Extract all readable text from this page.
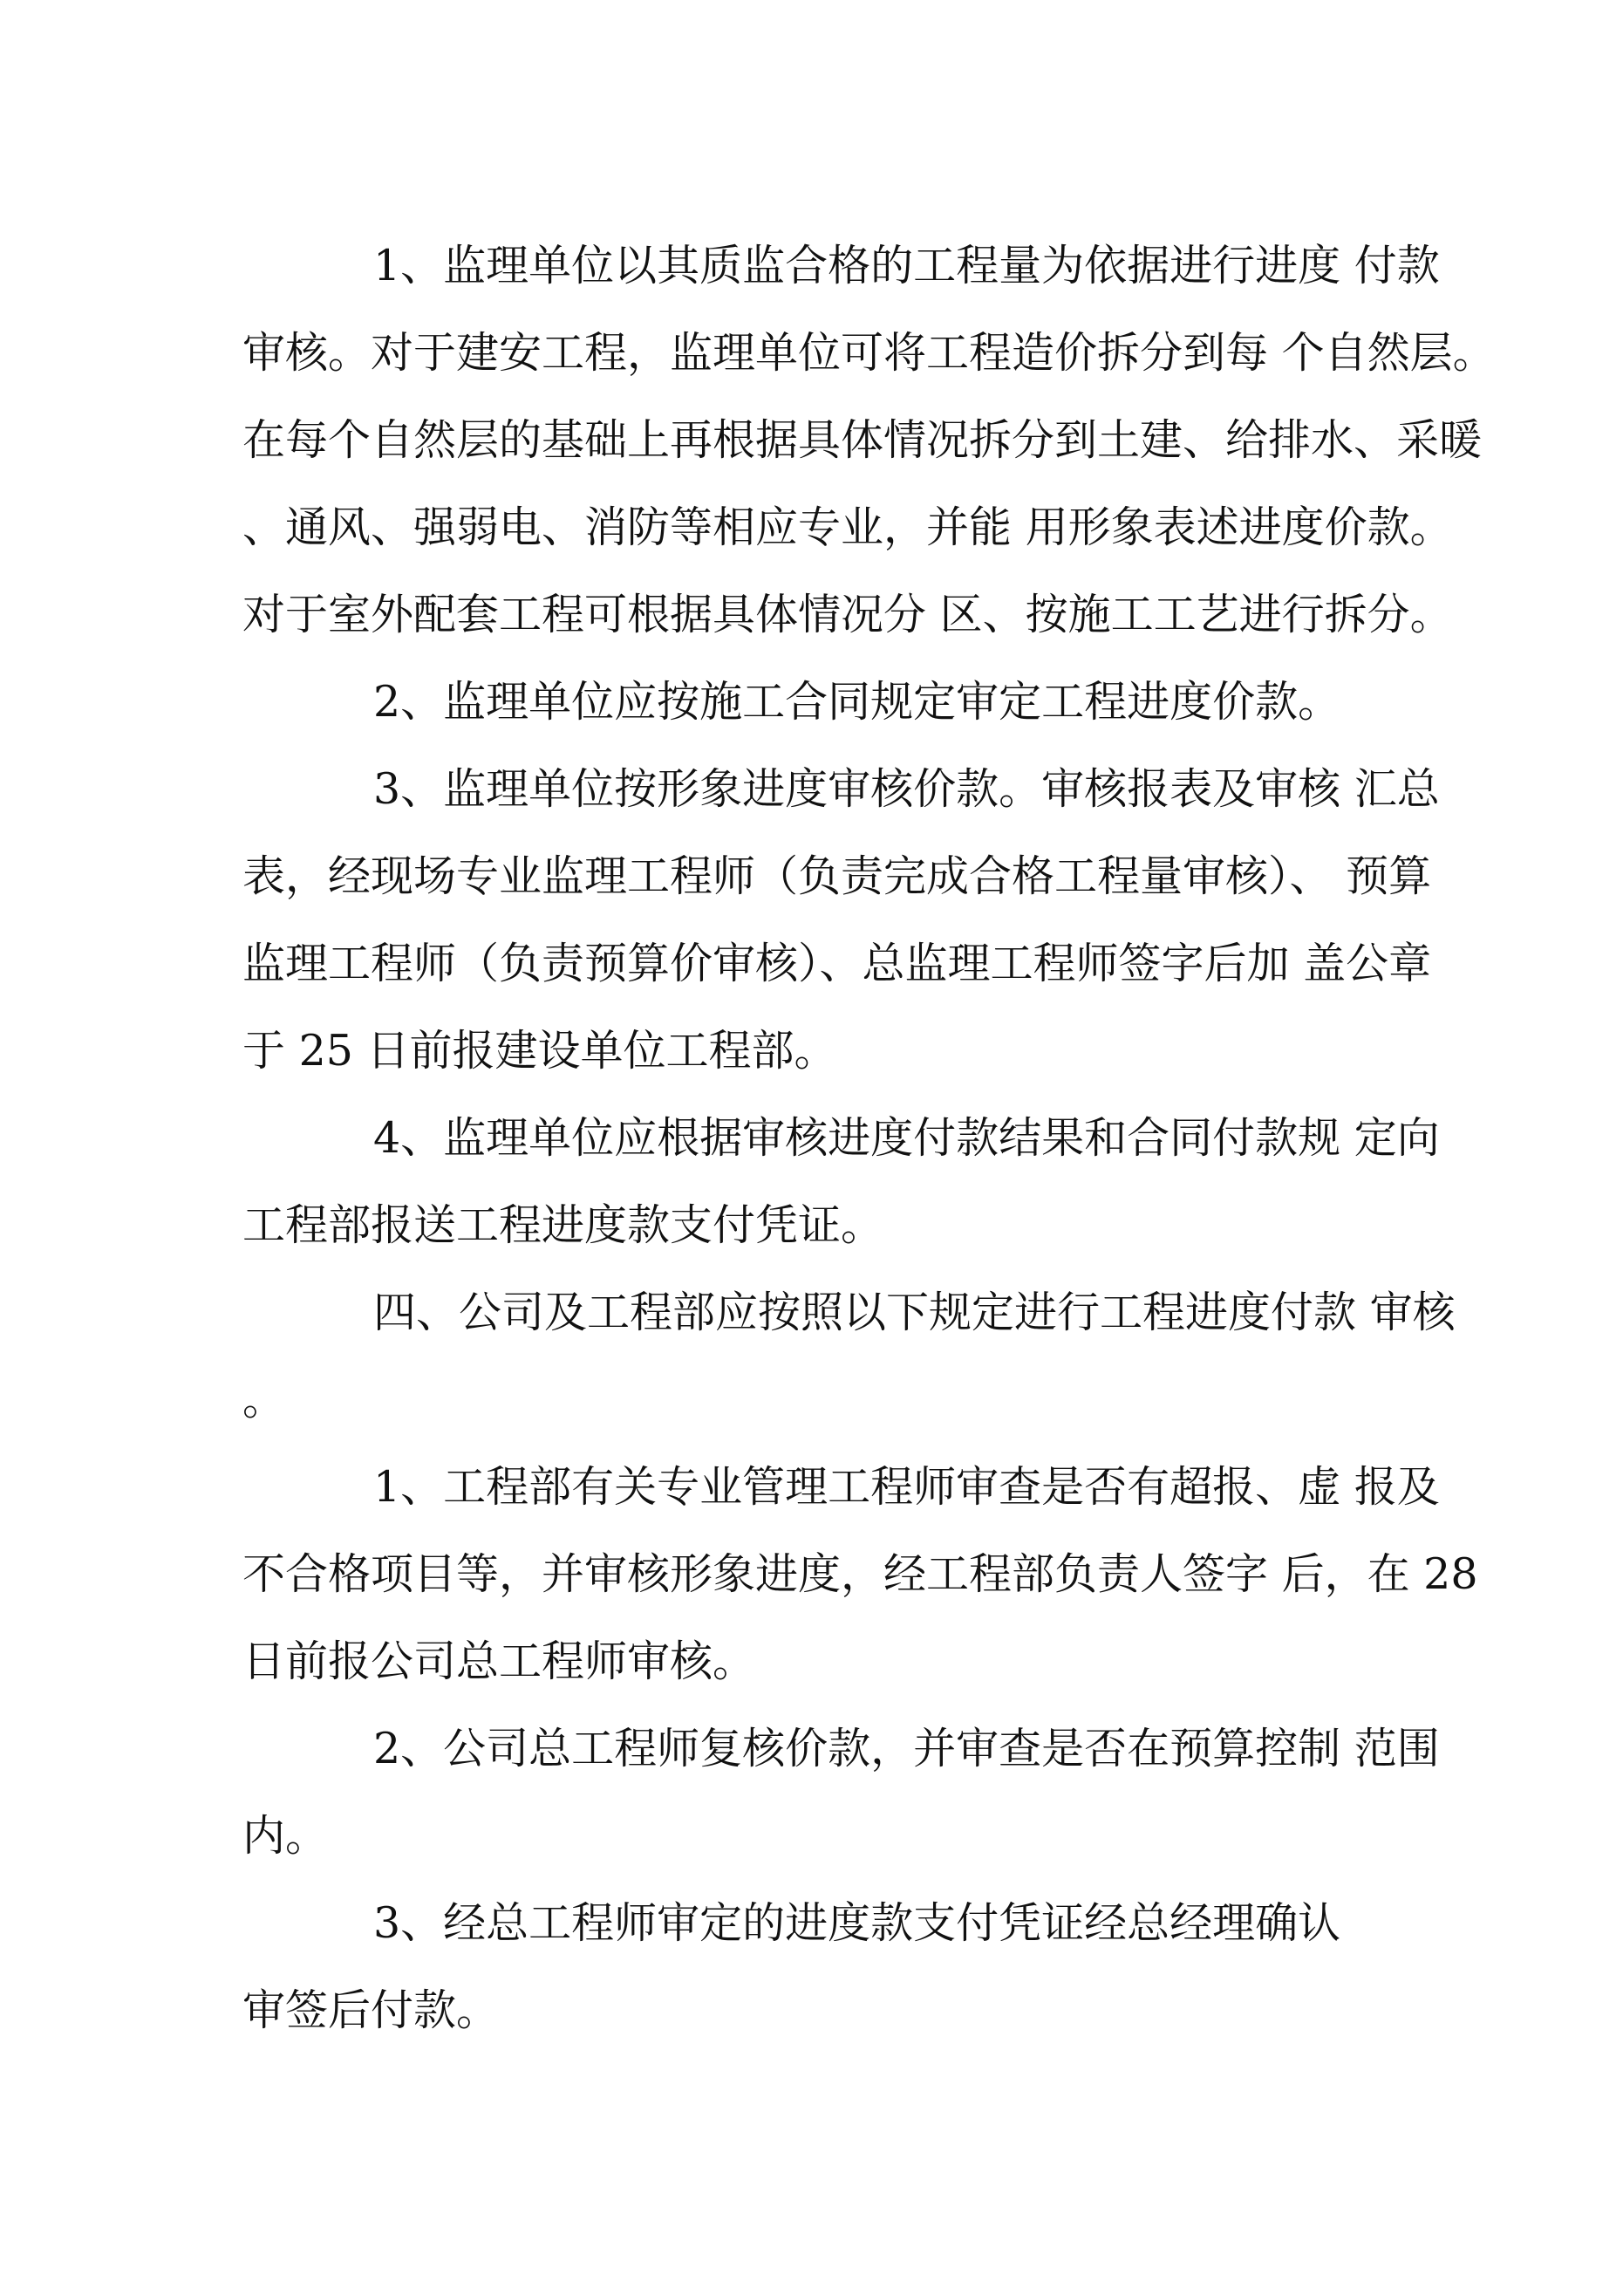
1、监理单位以其质监合格的工程量为依据进行进度 付款
审核。对于建安工程，监理单位可将工程造价拆分到每 个自然层。
在每个自然层的基础上再根据具体情况拆分到土建、给排水、采暖
、通风、强弱电、消防等相应专业，并能 用形象表述进度价款。
对于室外配套工程可根据具体情况分 区、按施工工艺进行拆分。
2、监理单位应按施工合同规定审定工程进度价款。
3、监理单位按形象进度审核价款。审核报表及审核 汇总
表，经现场专业监理工程师（负责完成合格工程量审核）、 预算
监理工程师（负责预算价审核）、总监理工程师签字后加 盖公章
于 25 日前报建设单位工程部。
4、监理单位应根据审核进度付款结果和合同付款规 定向
工程部报送工程进度款支付凭证。
四、公司及工程部应按照以下规定进行工程进度付款 审核
。
1、工程部有关专业管理工程师审查是否有超报、虚 报及
不合格项目等，并审核形象进度，经工程部负责人签字 后，在 28
日前报公司总工程师审核。
2、公司总工程师复核价款，并审查是否在预算控制 范围
内。
3、经总工程师审定的进度款支付凭证经总经理确认
审签后付款。
